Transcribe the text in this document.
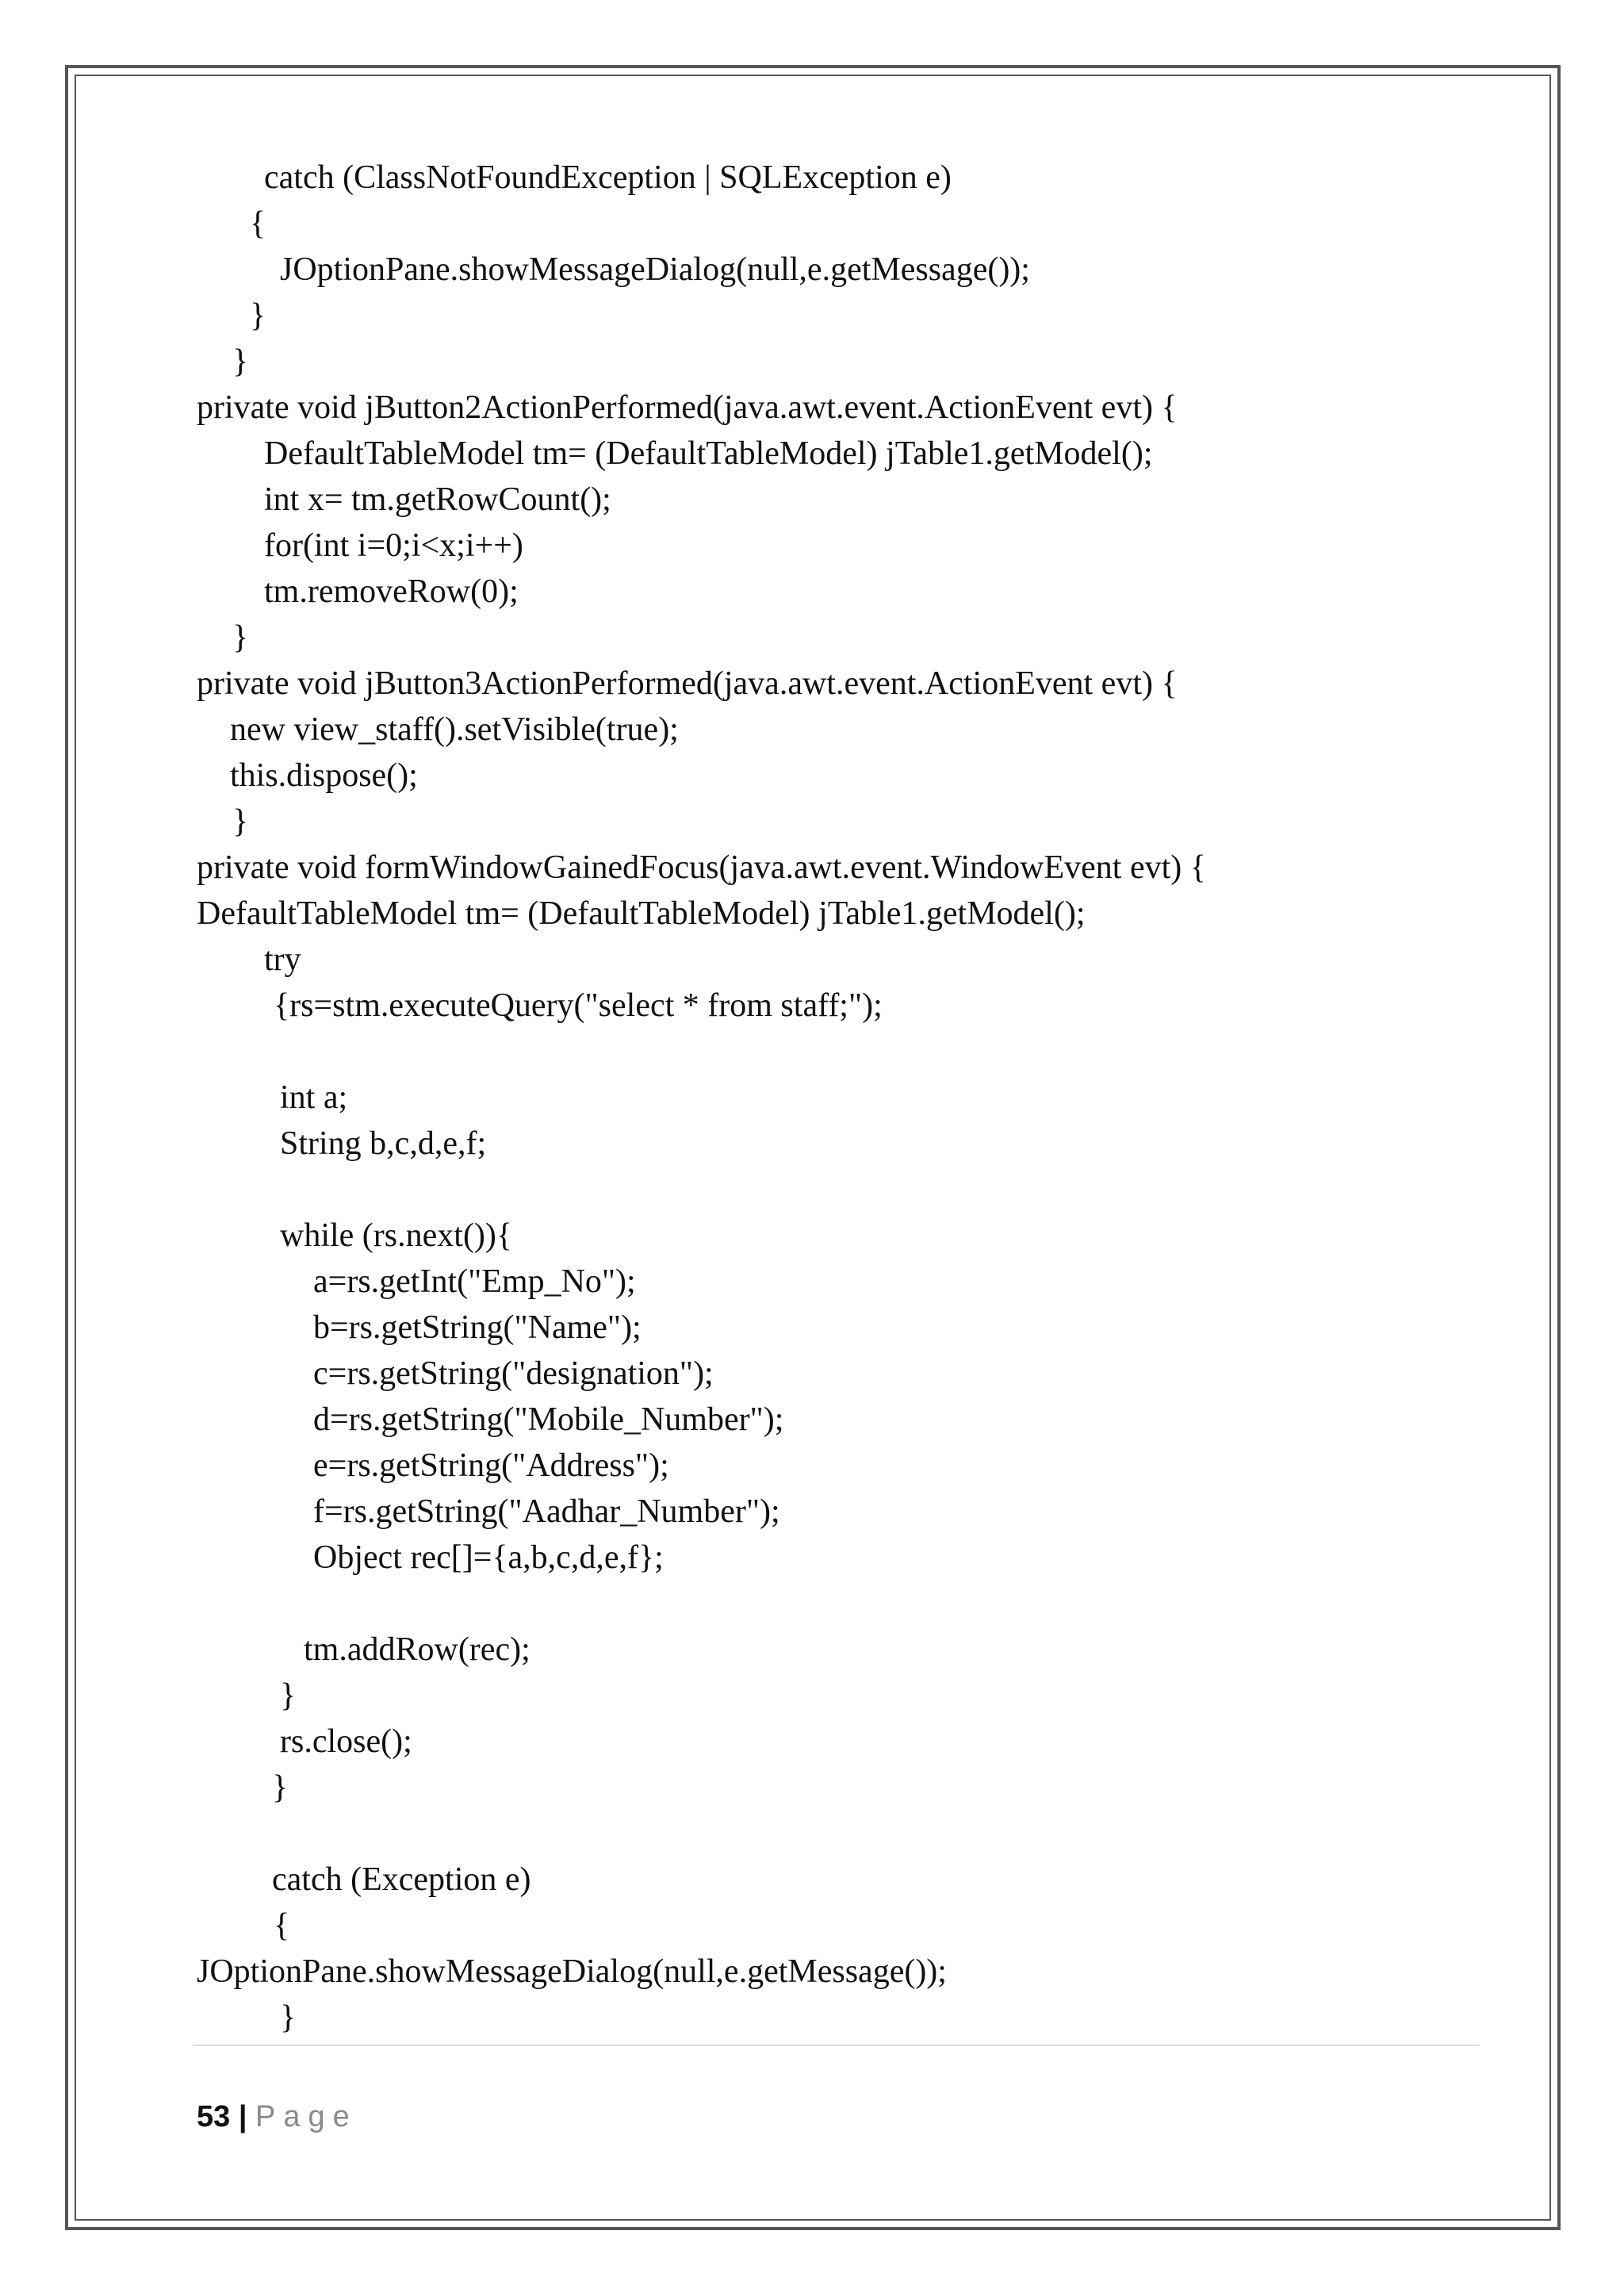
catch (ClassNotFoundException | SQLException e)
{
JOptionPane.showMessageDialog(null,e.getMessage());
}
}
private void jButton2ActionPerformed(java.awt.event.ActionEvent evt) {
DefaultTableModel tm= (DefaultTableModel) jTable1.getModel();
int x= tm.getRowCount();
for(int i=0;i<x;i++)
tm.removeRow(0);
}
private void jButton3ActionPerformed(java.awt.event.ActionEvent evt) {
new view_staff().setVisible(true);
this.dispose();
}
private void formWindowGainedFocus(java.awt.event.WindowEvent evt) {
DefaultTableModel tm= (DefaultTableModel) jTable1.getModel();
try
{rs=stm.executeQuery("select * from staff;");
int a;
String b,c,d,e,f;
while (rs.next()){
a=rs.getInt("Emp_No");
b=rs.getString("Name");
c=rs.getString("designation");
d=rs.getString("Mobile_Number");
e=rs.getString("Address");
f=rs.getString("Aadhar_Number");
Object rec[]={a,b,c,d,e,f};
tm.addRow(rec);
}
rs.close();
}
catch (Exception e)
{
JOptionPane.showMessageDialog(null,e.getMessage());
}
53 | Page
